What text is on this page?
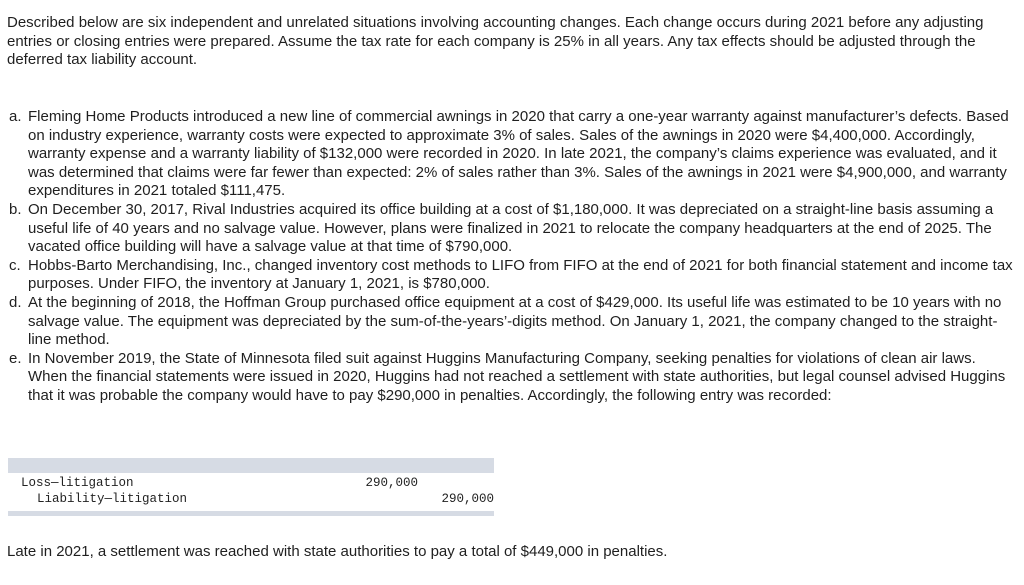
Described below are six independent and unrelated situations involving accounting changes. Each change occurs during 2021 before any adjusting entries or closing entries were prepared. Assume the tax rate for each company is 25% in all years. Any tax effects should be adjusted through the deferred tax liability account.

a. Fleming Home Products introduced a new line of commercial awnings in 2020 that carry a one-year warranty against manufacturer’s defects. Based on industry experience, warranty costs were expected to approximate 3% of sales. Sales of the awnings in 2020 were $4,400,000. Accordingly, warranty expense and a warranty liability of $132,000 were recorded in 2020. In late 2021, the company’s claims experience was evaluated, and it was determined that claims were far fewer than expected: 2% of sales rather than 3%. Sales of the awnings in 2021 were $4,900,000, and warranty expenditures in 2021 totaled $111,475.
b. On December 30, 2017, Rival Industries acquired its office building at a cost of $1,180,000. It was depreciated on a straight-line basis assuming a useful life of 40 years and no salvage value. However, plans were finalized in 2021 to relocate the company headquarters at the end of 2025. The vacated office building will have a salvage value at that time of $790,000.
c. Hobbs-Barto Merchandising, Inc., changed inventory cost methods to LIFO from FIFO at the end of 2021 for both financial statement and income tax purposes. Under FIFO, the inventory at January 1, 2021, is $780,000.
d. At the beginning of 2018, the Hoffman Group purchased office equipment at a cost of $429,000. Its useful life was estimated to be 10 years with no salvage value. The equipment was depreciated by the sum-of-the-years’-digits method. On January 1, 2021, the company changed to the straight-line method.
e. In November 2019, the State of Minnesota filed suit against Huggins Manufacturing Company, seeking penalties for violations of clean air laws. When the financial statements were issued in 2020, Huggins had not reached a settlement with state authorities, but legal counsel advised Huggins that it was probable the company would have to pay $290,000 in penalties. Accordingly, the following entry was recorded:
Loss—litigation	290,000
Liability—litigation	290,000

Late in 2021, a settlement was reached with state authorities to pay a total of $449,000 in penalties.
